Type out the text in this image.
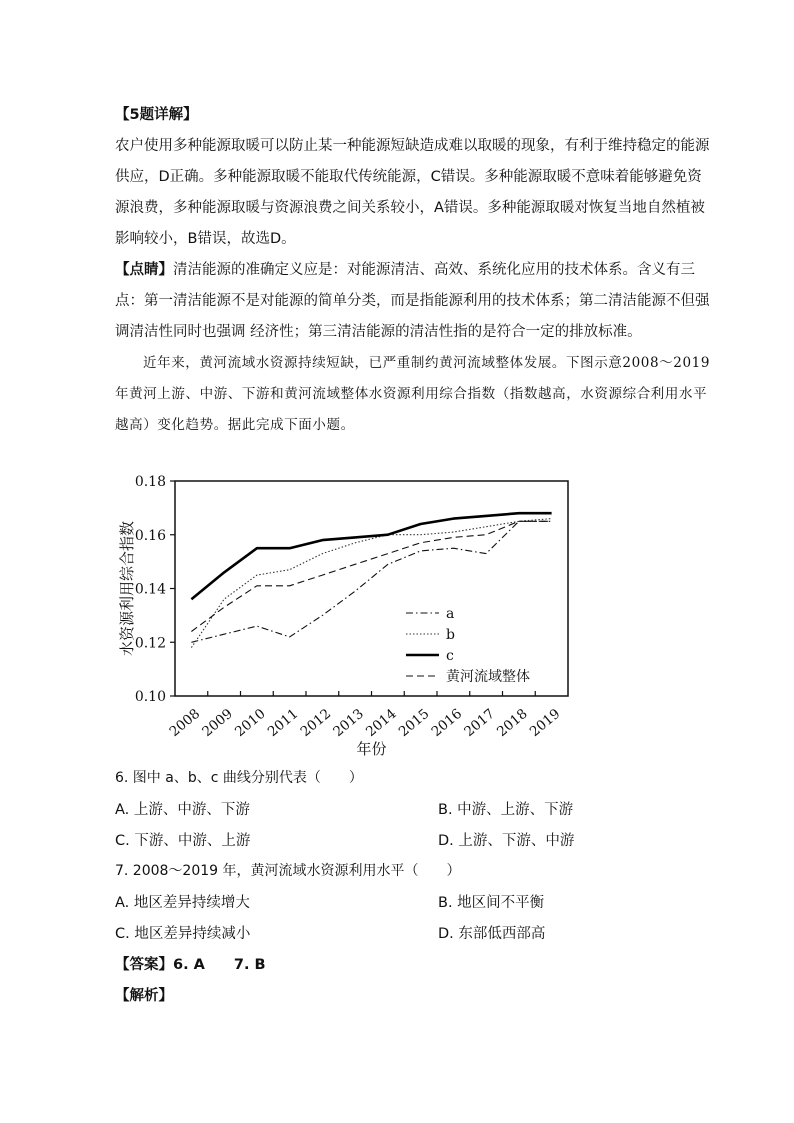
【5题详解】

农户使用多种能源取暖可以防止某一种能源短缺造成难以取暖的现象，有利于维持稳定的能源供应，D正确。多种能源取暖不能取代传统能源，C错误。多种能源取暖不意味着能够避免资源浪费，多种能源取暖与资源浪费之间关系较小，A错误。多种能源取暖对恢复当地自然植被影响较小，B错误，故选D。

【点睛】清洁能源的准确定义应是：对能源清洁、高效、系统化应用的技术体系。含义有三点：第一清洁能源不是对能源的简单分类，而是指能源利用的技术体系；第二清洁能源不但强调清洁性同时也强调 经济性；第三清洁能源的清洁性指的是符合一定的排放标准。

近年来，黄河流域水资源持续短缺，已严重制约黄河流域整体发展。下图示意2008～2019年黄河上游、中游、下游和黄河流域整体水资源利用综合指数（指数越高，水资源综合利用水平越高）变化趋势。据此完成下面小题。

0.10
0.12
0.14
0.16
0.18
2008
2009
2010
2011
2012
2013
2014
2015
2016
2017
2018
2019
年份
水资源利用综合指数	a
b
c
黄河流域整体

6. 图中 a、b、c 曲线分别代表（　　）

A. 上游、中游、下游	B. 中游、上游、下游

C. 下游、中游、上游	D. 上游、下游、中游

7. 2008～2019 年，黄河流域水资源利用水平（　　）

A. 地区差异持续增大	B. 地区间不平衡

C. 地区差异持续减小	D. 东部低西部高

【答案】6. A　　7. B

【解析】
